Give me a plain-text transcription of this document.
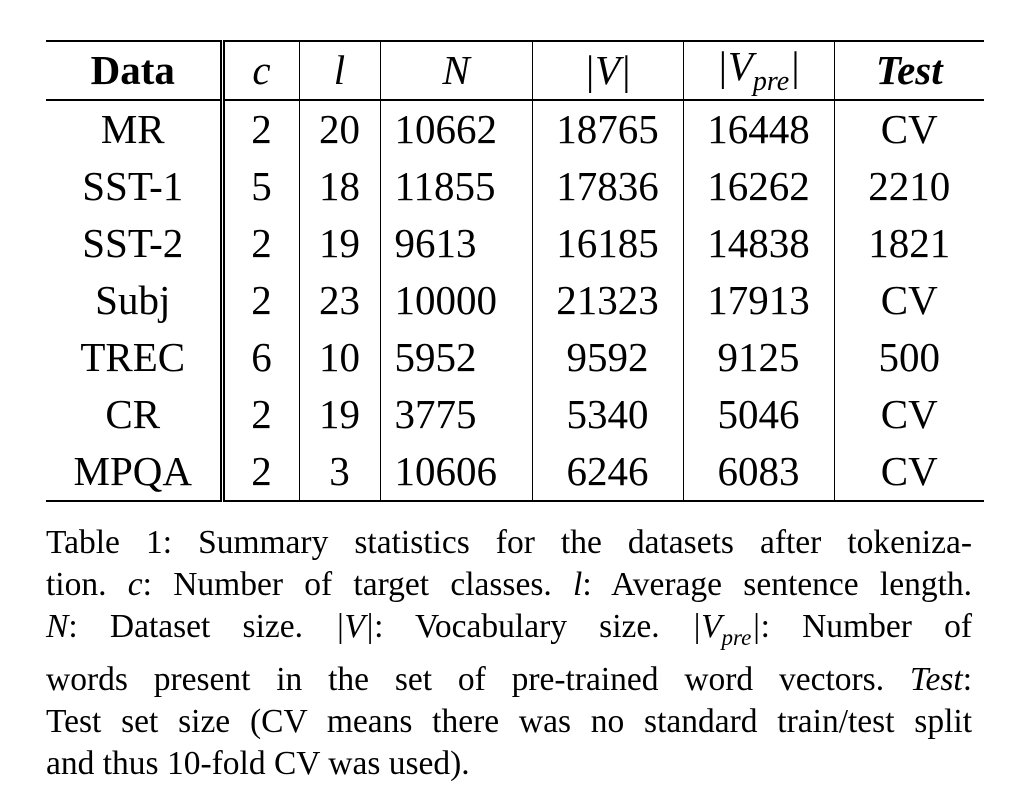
Data	c	l	N	|V|	$|V_{pre}|$	Test
MR	2	20	10662	18765	16448	CV
SST-1	5	18	11855	17836	16262	2210
SST-2	2	19	9613	16185	14838	1821
Subj	2	23	10000	21323	17913	CV
TREC	6	10	5952	9592	9125	500
CR	2	19	3775	5340	5046	CV
MPQA	2	3	10606	6246	6083	CV
Table 1: Summary statistics for the datasets after tokeniza-
tion. c: Number of target classes. l: Average sentence length.
N: Dataset size. |V|: Vocabulary size. $|V_{pre}|$: Number of
words present in the set of pre-trained word vectors. Test:
Test set size (CV means there was no standard train/test split
and thus 10-fold CV was used).
